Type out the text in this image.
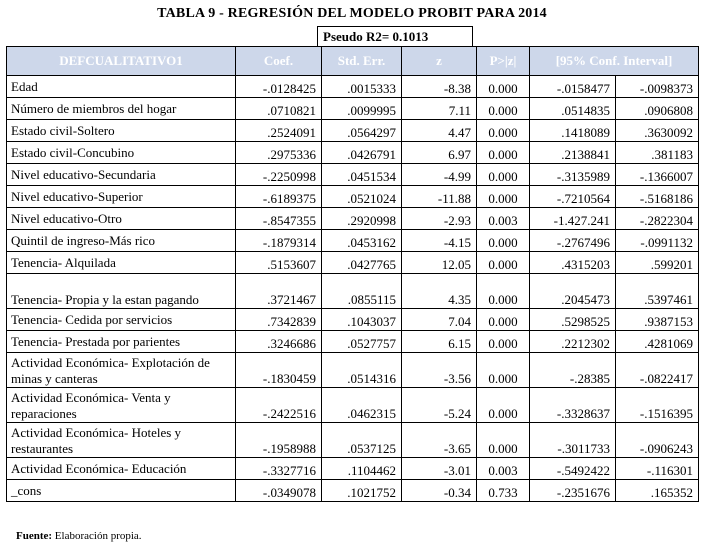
TABLA 9 - REGRESIÓN DEL MODELO PROBIT PARA 2014
Pseudo R2= 0.1013
DEFCUALITATIVO1	Coef.	Std. Err.	z	P>|z|	[95% Conf. Interval]	
Edad	-.0128425	.0015333	-8.38	0.000	-.0158477	-.0098373
Número de miembros del hogar	.0710821	.0099995	7.11	0.000	.0514835	.0906808
Estado civil-Soltero	.2524091	.0564297	4.47	0.000	.1418089	.3630092
Estado civil-Concubino	.2975336	.0426791	6.97	0.000	.2138841	.381183
Nivel educativo-Secundaria	-.2250998	.0451534	-4.99	0.000	-.3135989	-.1366007
Nivel educativo-Superior	-.6189375	.0521024	-11.88	0.000	-.7210564	-.5168186
Nivel educativo-Otro	-.8547355	.2920998	-2.93	0.003	-1.427.241	-.2822304
Quintil de ingreso-Más rico	-.1879314	.0453162	-4.15	0.000	-.2767496	-.0991132
Tenencia- Alquilada	.5153607	.0427765	12.05	0.000	.4315203	.599201
Tenencia- Propia y la estan pagando	.3721467	.0855115	4.35	0.000	.2045473	.5397461
Tenencia- Cedida por servicios	.7342839	.1043037	7.04	0.000	.5298525	.9387153
Tenencia- Prestada por parientes	.3246686	.0527757	6.15	0.000	.2212302	.4281069
Actividad Económica- Explotación de minas y canteras	-.1830459	.0514316	-3.56	0.000	-.28385	-.0822417
Actividad Económica- Venta y reparaciones	-.2422516	.0462315	-5.24	0.000	-.3328637	-.1516395
Actividad Económica- Hoteles y restaurantes	-.1958988	.0537125	-3.65	0.000	-.3011733	-.0906243
Actividad Económica- Educación	-.3327716	.1104462	-3.01	0.003	-.5492422	-.116301
_cons	-.0349078	.1021752	-0.34	0.733	-.2351676	.165352
Fuente: Elaboración propia.
